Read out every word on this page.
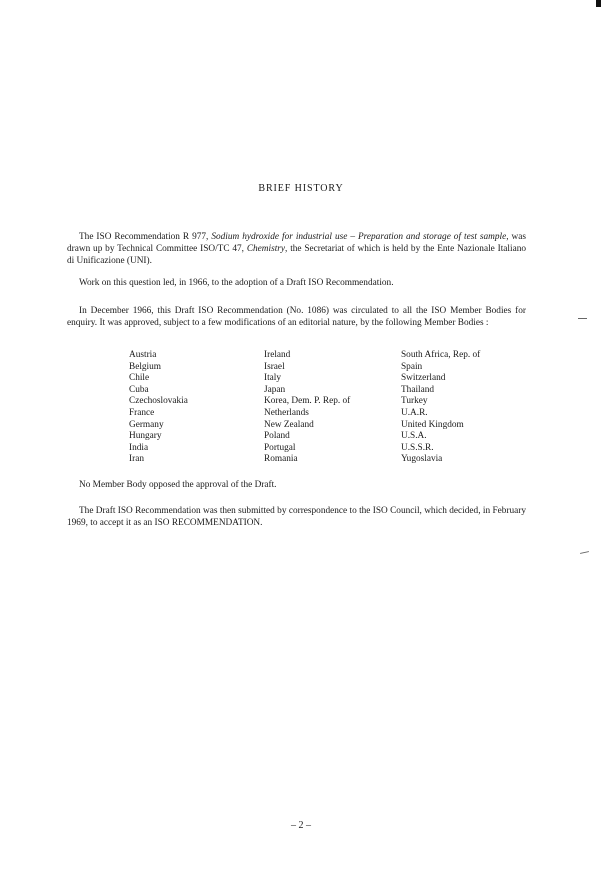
BRIEF HISTORY

The ISO Recommendation R 977, Sodium hydroxide for industrial use – Preparation and storage of test sample, was drawn up by Technical Committee ISO/TC 47, Chemistry, the Secretariat of which is held by the Ente Nazionale Italiano di Unificazione (UNI).

Work on this question led, in 1966, to the adoption of a Draft ISO Recommendation.

In December 1966, this Draft ISO Recommendation (No. 1086) was circulated to all the ISO Member Bodies for enquiry. It was approved, subject to a few modifications of an editorial nature, by the following Member Bodies :

Austria
Belgium
Chile
Cuba
Czechoslovakia
France
Germany
Hungary
India
Iran
Ireland
Israel
Italy
Japan
Korea, Dem. P. Rep. of
Netherlands
New Zealand
Poland
Portugal
Romania
South Africa, Rep. of
Spain
Switzerland
Thailand
Turkey
U.A.R.
United Kingdom
U.S.A.
U.S.S.R.
Yugoslavia

No Member Body opposed the approval of the Draft.

The Draft ISO Recommendation was then submitted by correspondence to the ISO Council, which decided, in February 1969, to accept it as an ISO RECOMMENDATION.

– 2 –
